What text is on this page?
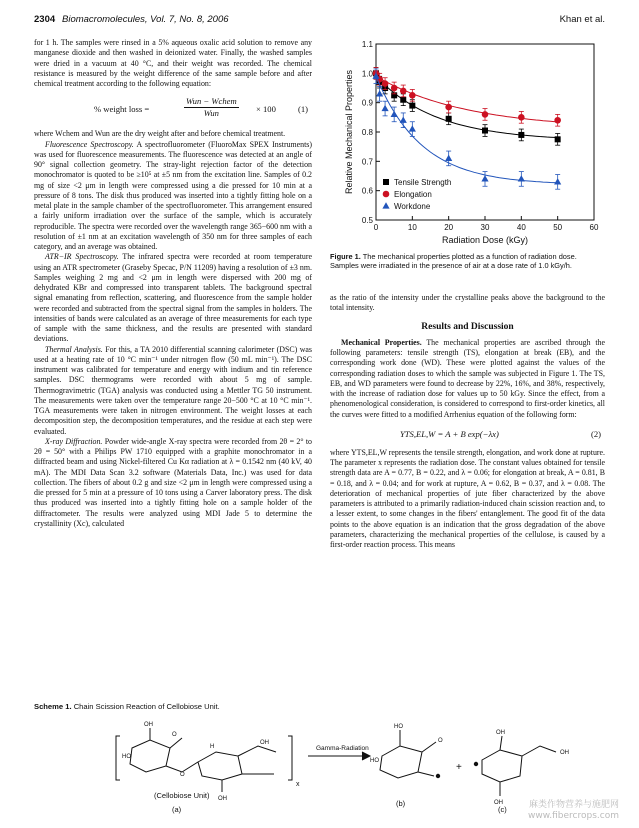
2304 Biomacromolecules, Vol. 7, No. 8, 2006	Khan et al.

for 1 h. The samples were rinsed in a 5% aqueous oxalic acid solution to remove any manganese dioxide and then washed in deionized water. Finally, the washed samples were dried in a vacuum at 40 °C, and their weight was recorded. The chemical resistance is measured by the weight difference of the same sample before and after chemical treatment according to the following equation:

% weight loss =
Wun − Wchem
Wun	× 100	(1)

where Wchem and Wun are the dry weight after and before chemical treatment.

Fluorescence Spectroscopy. A spectrofluorometer (FluoroMax SPEX Instruments) was used for fluorescence measurements. The fluorescence was detected at an angle of 90° signal collection geometry. The stray-light rejection factor of the detection monochromator is quoted to be ≥10⁵ at ±5 nm from the excitation line. Samples of 0.2 mg of size <2 μm in length were compressed using a die pressed for 10 min at a pressure of 8 tons. The disk thus produced was inserted into a tightly fitting hole on a metal plate in the sample chamber of the spectrofluorometer. This arrangement ensured a fairly uniform irradiation over the surface of the sample, which is accurately reproducible. The spectra were recorded over the wavelength range 365−600 nm with a resolution of ±1 nm at an excitation wavelength of 350 nm for three samples of each category, and an average was obtained.

ATR−IR Spectroscopy. The infrared spectra were recorded at room temperature using an ATR spectrometer (Graseby Specac, P/N 11209) having a resolution of ±3 nm. Samples weighing 2 mg and <2 μm in length were dispersed with 200 mg of dehydrated KBr and compressed into transparent tablets. The background spectral signal emanating from reflection, scattering, and fluorescence from the sample holder were recorded and subtracted from the spectral signal from the samples in holders. The intensities of bands were calculated as an average of three measurements for each type of sample with the same thickness, and the results are presented with standard deviations.

Thermal Analysis. For this, a TA 2010 differential scanning calorimeter (DSC) was used at a heating rate of 10 °C min⁻¹ under nitrogen flow (50 mL min⁻¹). The DSC instrument was calibrated for temperature and energy with indium and tin reference samples. DSC thermograms were recorded with about 5 mg of sample. Thermogravimetric (TGA) analysis was conducted using a Mettler TG 50 instrument. The measurements were taken over the temperature range 20−500 °C at 10 °C min⁻¹. TGA measurements were taken in nitrogen environment. The weight losses at each decomposition step, the decomposition temperatures, and the residue at each step were evaluated.

X-ray Diffraction. Powder wide-angle X-ray spectra were recorded from 2θ = 2° to 2θ = 50° with a Philips PW 1710 equipped with a graphite monochromator in a diffracted beam and using Nickel-filtered Cu Kα radiation at λ = 0.1542 nm (40 kV, 40 mA). The MDI Data Scan 3.2 software (Materials Data, Inc.) was used for data collection. The fibers of about 0.2 g and size <2 μm in length were compressed using a die pressed for 5 min at a pressure of 10 tons using a Carver laboratory press. The disk thus produced was inserted into a tightly fitting hole on a sample holder of the diffractometer. The results were analyzed using MDI Jade 5 to determine the crystallinity (Xc), calculated

0	10	20	30	40	50	60
0.5
0.6
0.7
0.8
0.9
1.0
1.1
Radiation Dose (kGy)
Relative Mechanical Properties	Tensile Strength
Elongation
Workdone
Figure 1. The mechanical properties plotted as a function of radiation dose. Samples were irradiated in the presence of air at a dose rate of 1.0 kGy/h.

as the ratio of the intensity under the crystalline peaks above the background to the total intensity.

Results and Discussion

Mechanical Properties. The mechanical properties are ascribed through the following parameters: tensile strength (TS), elongation at break (EB), and the corresponding work done (WD). These were plotted against the values of the corresponding radiation doses to which the sample was subjected in Figure 1. The TS, EB, and WD parameters were found to decrease by 22%, 16%, and 38%, respectively, with the increase of radiation dose for values up to 50 kGy. Since the effect, from a phenomenological consideration, is considered to correspond to first-order kinetics, all the curves were fitted to a modified Arrhenius equation of the following form:

YTS,EL,W = A + B exp(−λx)	(2)

where YTS,EL,W represents the tensile strength, elongation, and work done at rupture. The parameter x represents the radiation dose. The constant values obtained for tensile strength data are A = 0.77, B = 0.22, and λ = 0.06; for elongation at break, A = 0.81, B = 0.18, and λ = 0.04; and for work at rupture, A = 0.62, B = 0.37, and λ = 0.08. The deterioration of mechanical properties of jute fiber characterized by the above parameters is attributed to a primarily radiation-induced chain scission reaction and, to a lesser extent, to some changes in the fibers' entanglement. The good fit of the data points to the above equation is an indication that the gross degradation of the above parameters, characterizing the mechanical properties of the cellulose, is caused by a first-order reaction process. This means

Scheme 1. Chain Scission Reaction of Cellobiose Unit.
OH
O
HO
O
H
OH
OH
HO
O
HO
OH
OH
OH
Gamma-Radiation
x
(Cellobiose Unit)
(a)
(b)
+
(c) 麻类作物营养与施肥网
www.fibercrops.com
